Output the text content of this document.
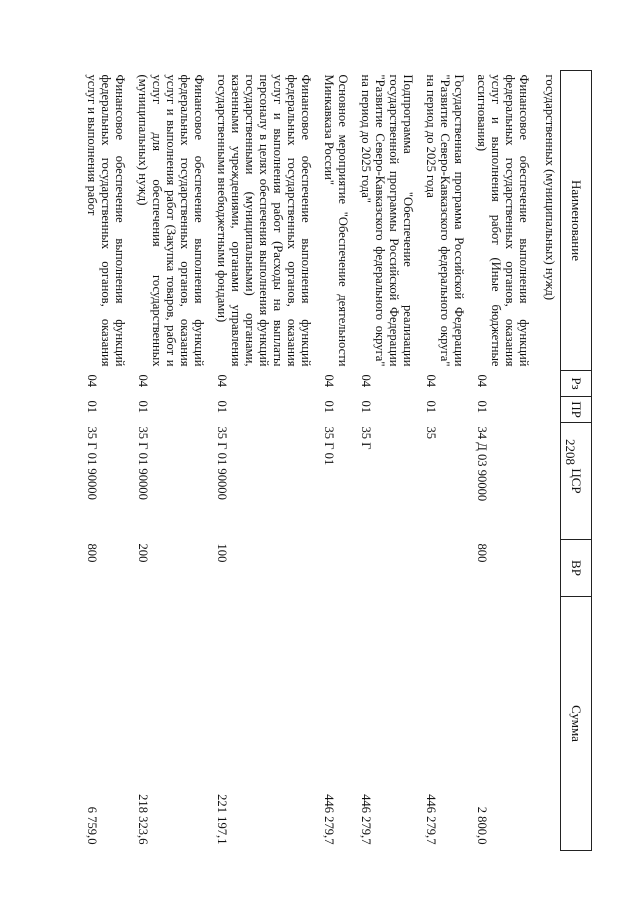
2208
Наименование	Рз	ПР	ЦСР	ВР	Сумма
государственных (муниципальных) нужд)					
Финансовое обеспечение выполнения функций федеральных государственных органов, оказания услуг и выполнения работ (Иные бюджетные ассигнования)	04	01	34 Д 03 90000	800	2 800,0
Государственная программа Российской Федерации "Развитие Северо-Кавказского федерального округа" на период до 2025 года	04	01	35		446 279,7
Подпрограмма "Обеспечение реализации государственной программы Российской Федерации "Развитие Северо-Кавказского федерального округа" на период до 2025 года"	04	01	35 Г		446 279,7
Основное мероприятие "Обеспечение деятельности Минкавказа России"	04	01	35 Г 01		446 279,7
Финансовое обеспечение выполнения функций федеральных государственных органов, оказания услуг и выполнения работ (Расходы на выплаты персоналу в целях обеспечения выполнения функций государственными (муниципальными) органами, казенными учреждениями, органами управления государственными внебюджетными фондами)	04	01	35 Г 01 90000	100	221 197,1
Финансовое обеспечение выполнения функций федеральных государственных органов, оказания услуг и выполнения работ (Закупка товаров, работ и услуг для обеспечения государственных (муниципальных) нужд)	04	01	35 Г 01 90000	200	218 323,6
Финансовое обеспечение выполнения функций федеральных государственных органов, оказания услуг и выполнения работ	04	01	35 Г 01 90000	800	6 759,0
